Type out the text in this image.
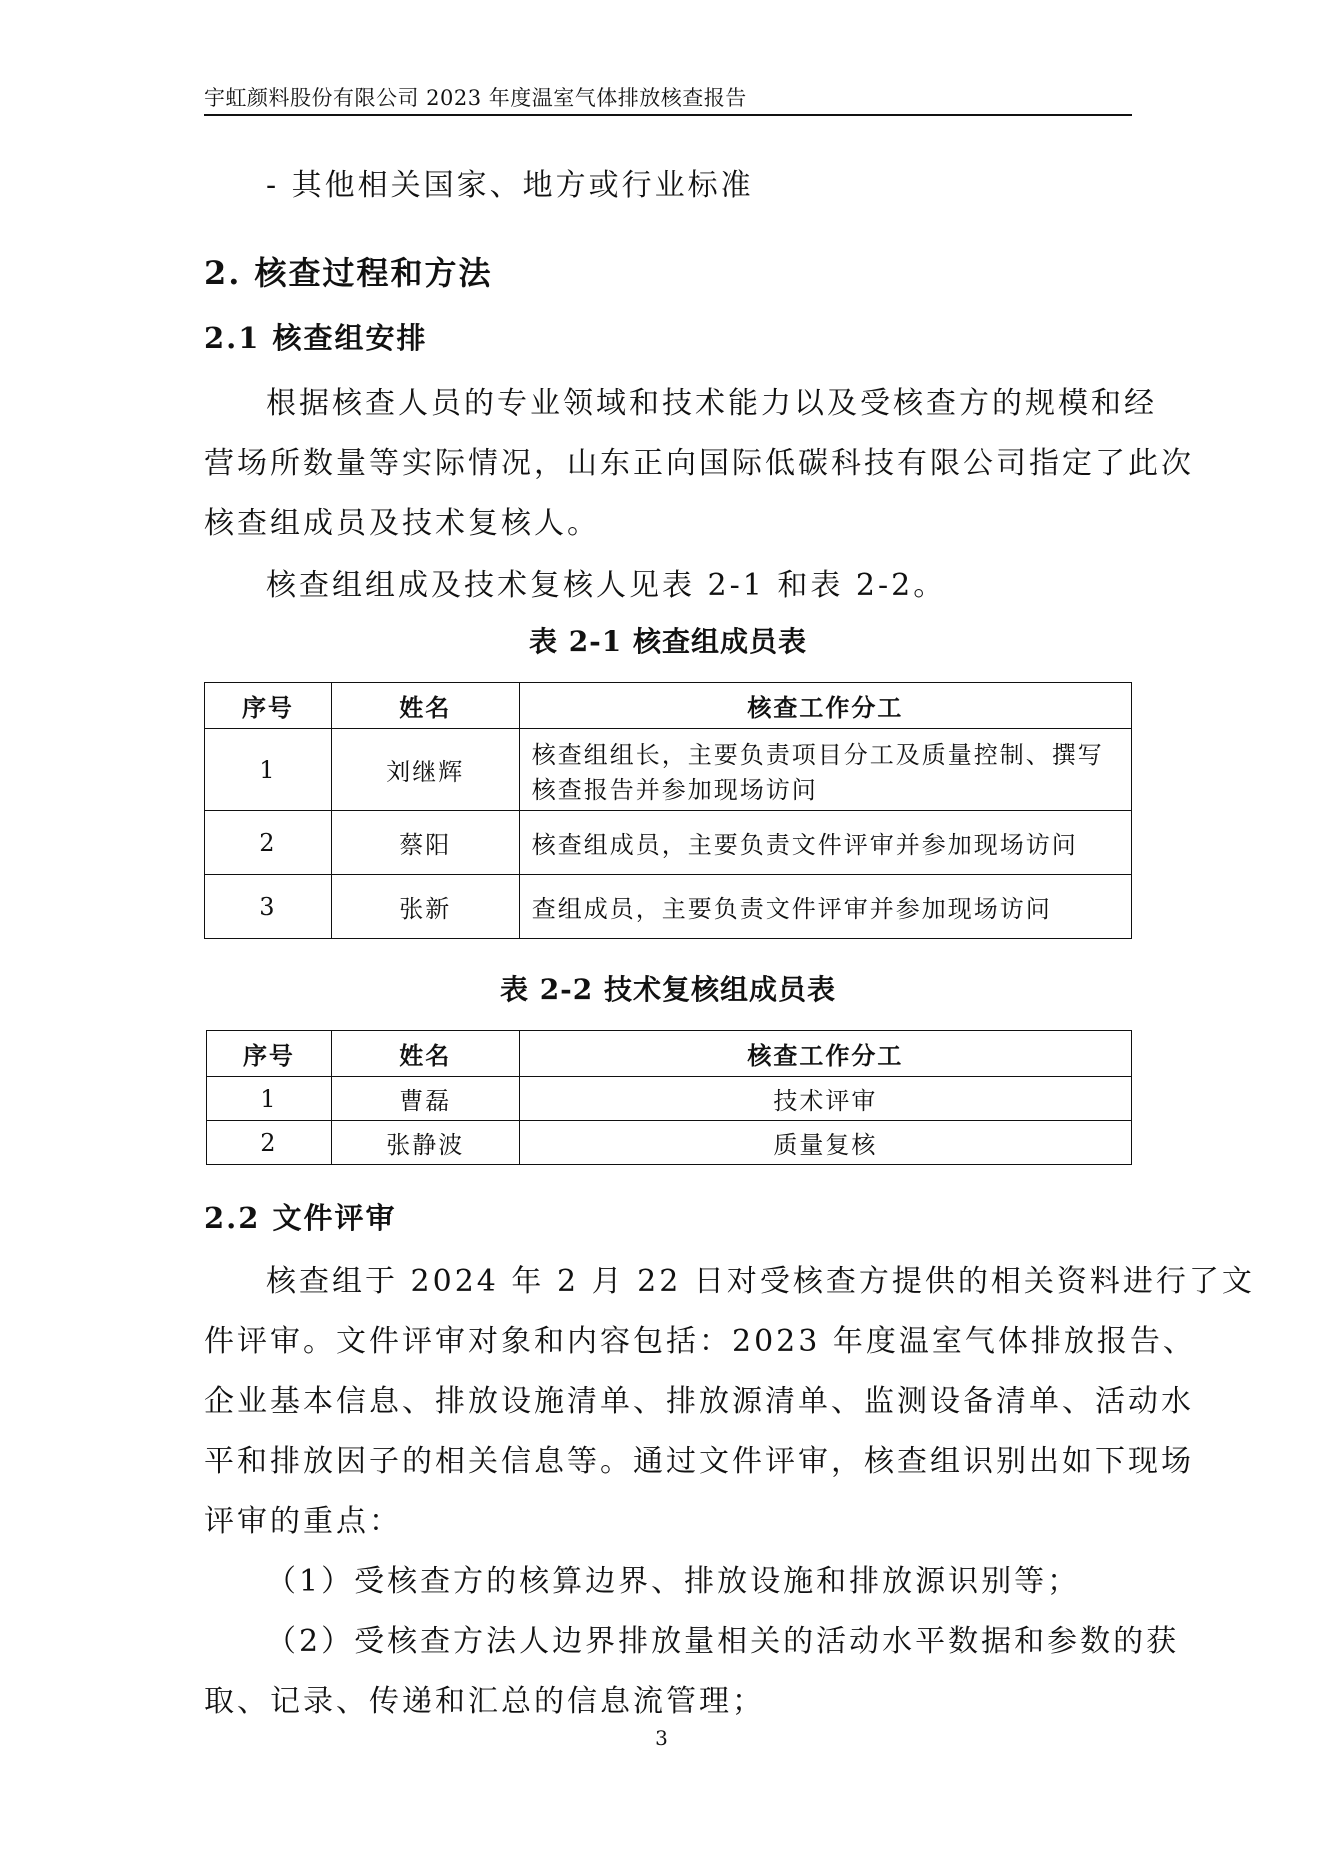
宇虹颜料股份有限公司 2023 年度温室气体排放核查报告
- 其他相关国家、地方或行业标准
2. 核查过程和方法
2.1 核查组安排
根据核查人员的专业领域和技术能力以及受核查方的规模和经
营场所数量等实际情况，山东正向国际低碳科技有限公司指定了此次
核查组成员及技术复核人。
核查组组成及技术复核人见表 2-1 和表 2-2。
表 2-1 核查组成员表
序号	姓名	核查工作分工
1	刘继辉	核查组组长，主要负责项目分工及质量控制、撰写
核查报告并参加现场访问

2	蔡阳	核查组成员，主要负责文件评审并参加现场访问
3	张新	查组成员，主要负责文件评审并参加现场访问
表 2-2 技术复核组成员表
序号	姓名	核查工作分工
1	曹磊	技术评审
2	张静波	质量复核
2.2 文件评审
核查组于 2024 年 2 月 22 日对受核查方提供的相关资料进行了文
件评审。文件评审对象和内容包括：2023 年度温室气体排放报告、
企业基本信息、排放设施清单、排放源清单、监测设备清单、活动水
平和排放因子的相关信息等。通过文件评审，核查组识别出如下现场
评审的重点：
（1）受核查方的核算边界、排放设施和排放源识别等；
（2）受核查方法人边界排放量相关的活动水平数据和参数的获
取、记录、传递和汇总的信息流管理；
3
